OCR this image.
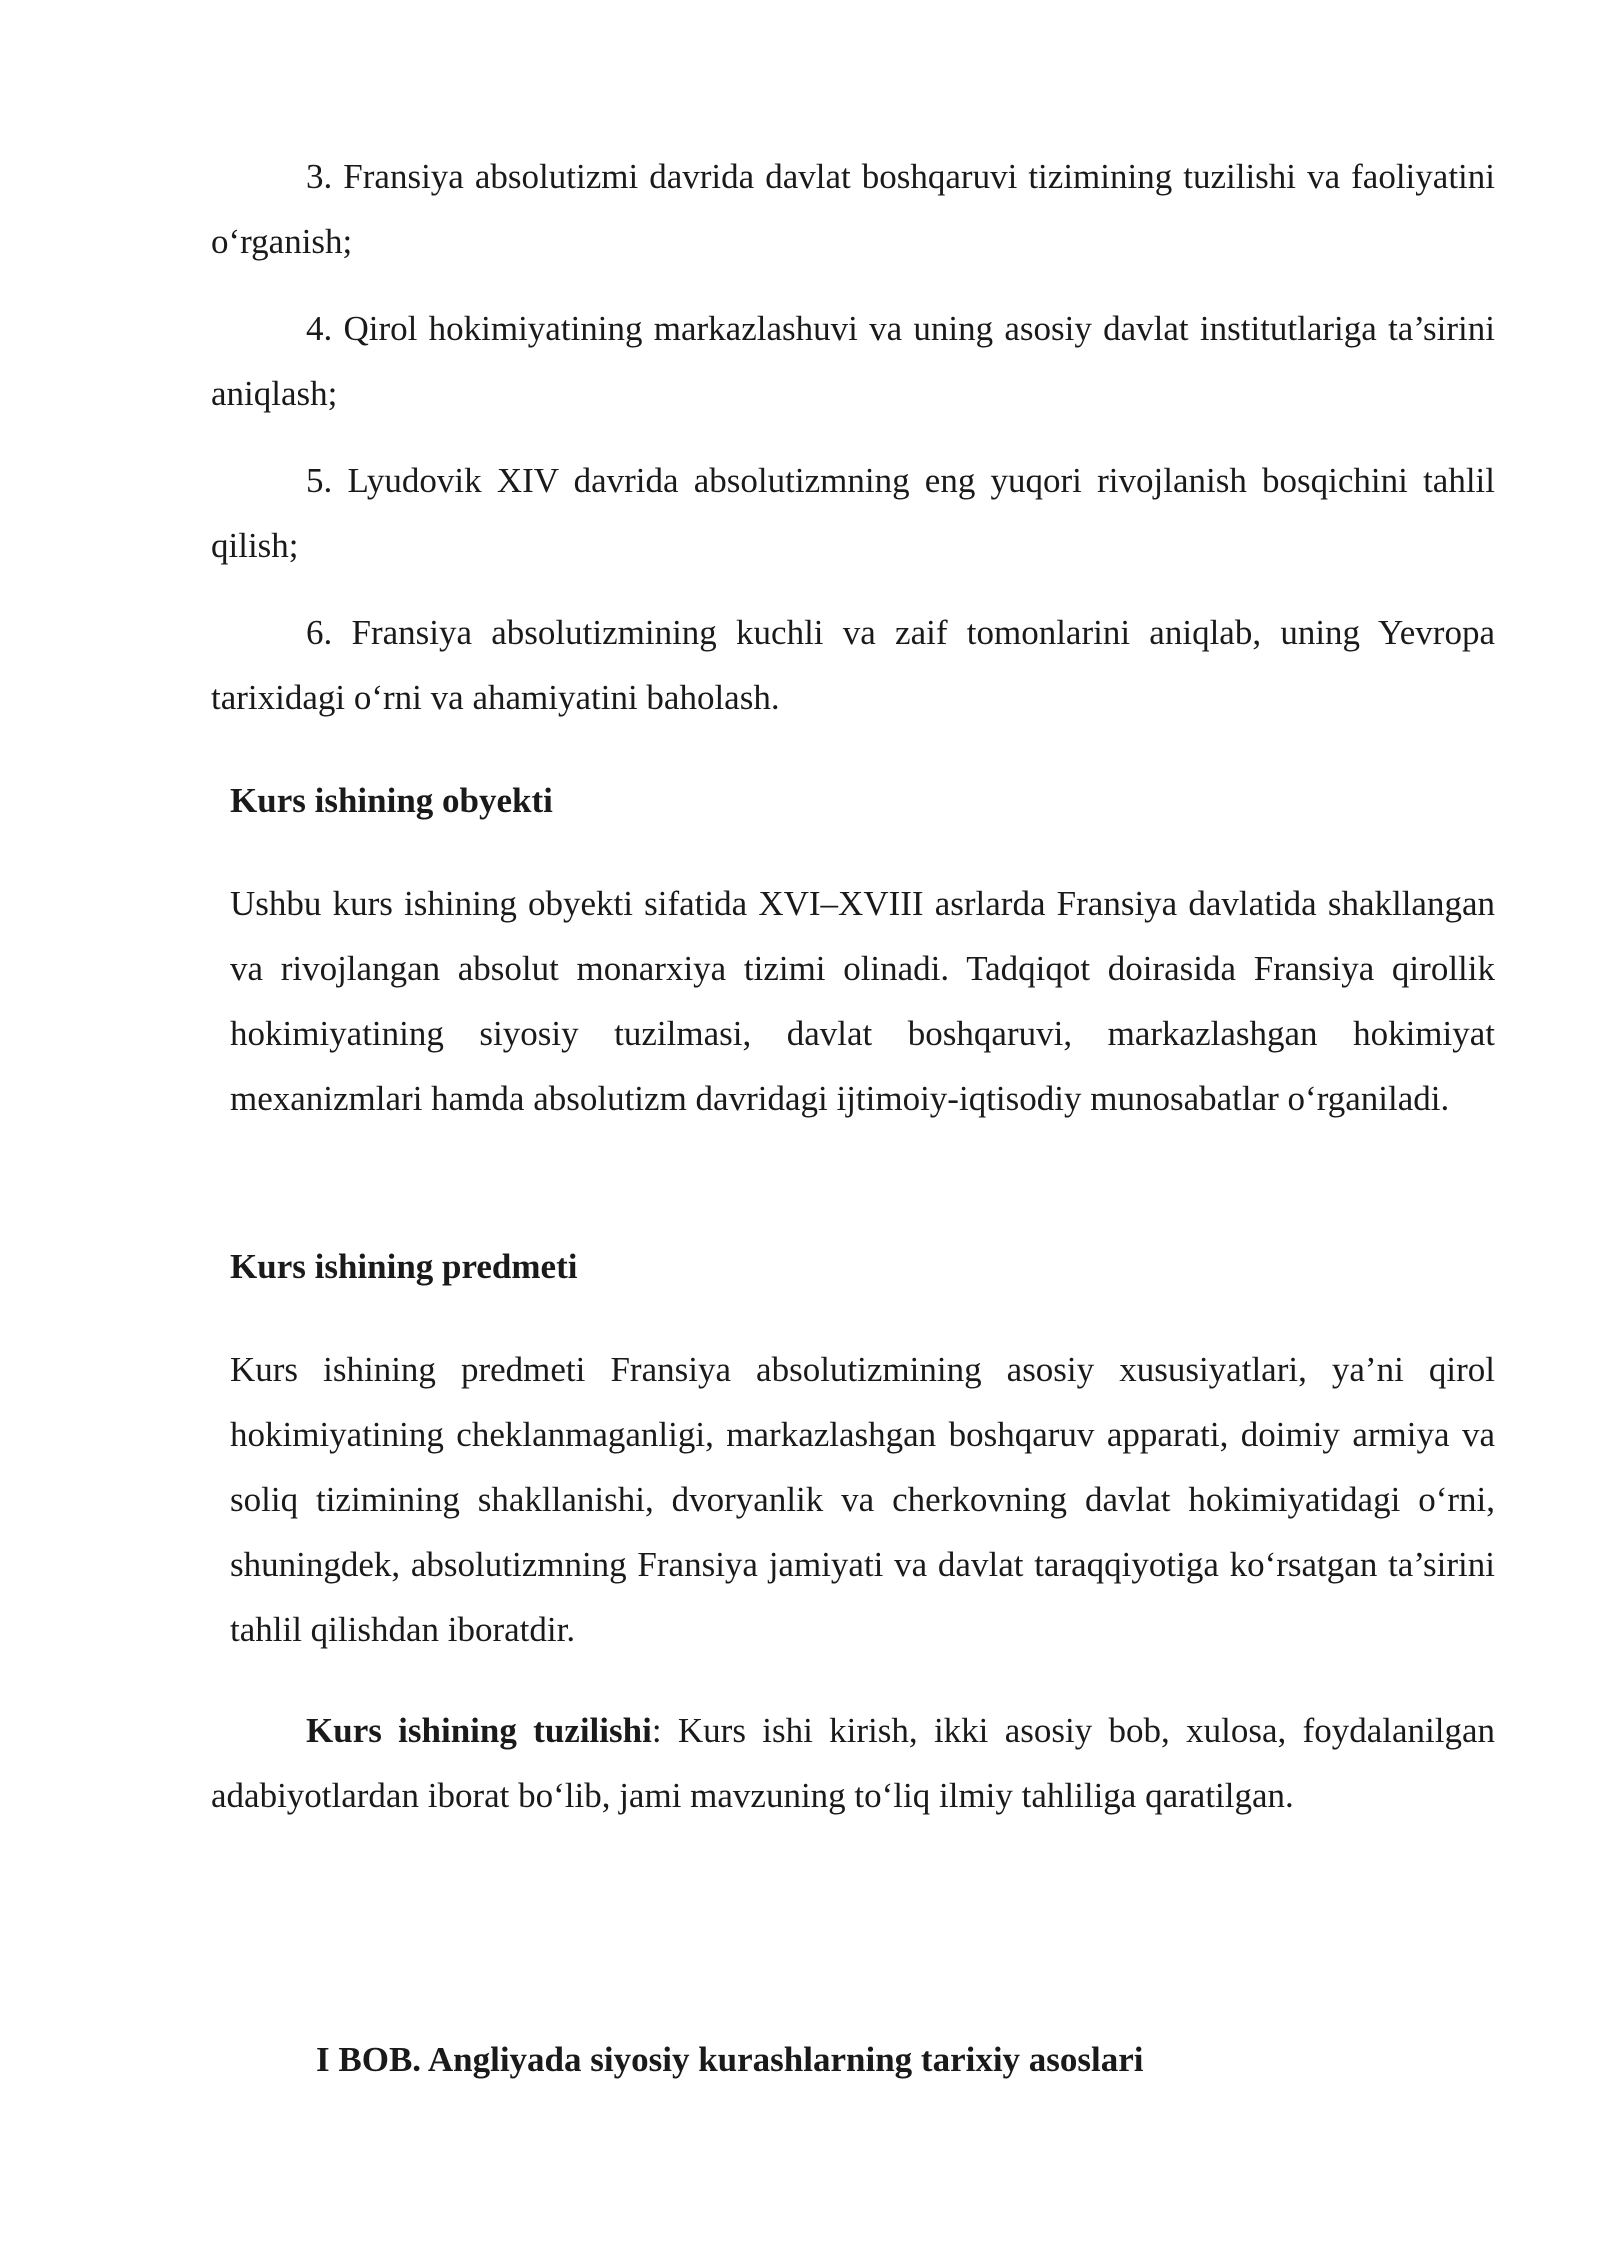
3. Fransiya absolutizmi davrida davlat boshqaruvi tizimining tuzilishi va faoliyatini o‘rganish;

4. Qirol hokimiyatining markazlashuvi va uning asosiy davlat institutlariga ta’sirini aniqlash;

5. Lyudovik XIV davrida absolutizmning eng yuqori rivojlanish bosqichini tahlil qilish;

6. Fransiya absolutizmining kuchli va zaif tomonlarini aniqlab, uning Yevropa tarixidagi o‘rni va ahamiyatini baholash.

Kurs ishining obyekti

Ushbu kurs ishining obyekti sifatida XVI–XVIII asrlarda Fransiya davlatida shakllangan va rivojlangan absolut monarxiya tizimi olinadi. Tadqiqot doirasida Fransiya qirollik hokimiyatining siyosiy tuzilmasi, davlat boshqaruvi, markazlashgan hokimiyat mexanizmlari hamda absolutizm davridagi ijtimoiy-iqtisodiy munosabatlar o‘rganiladi.

Kurs ishining predmeti

Kurs ishining predmeti Fransiya absolutizmining asosiy xususiyatlari, ya’ni qirol hokimiyatining cheklanmaganligi, markazlashgan boshqaruv apparati, doimiy armiya va soliq tizimining shakllanishi, dvoryanlik va cherkovning davlat hokimiyatidagi o‘rni, shuningdek, absolutizmning Fransiya jamiyati va davlat taraqqiyotiga ko‘rsatgan ta’sirini tahlil qilishdan iboratdir.

Kurs ishining tuzilishi: Kurs ishi kirish, ikki asosiy bob, xulosa, foydalanilgan adabiyotlardan iborat bo‘lib, jami mavzuning to‘liq ilmiy tahliliga qaratilgan.

I BOB. Angliyada siyosiy kurashlarning tarixiy asoslari
